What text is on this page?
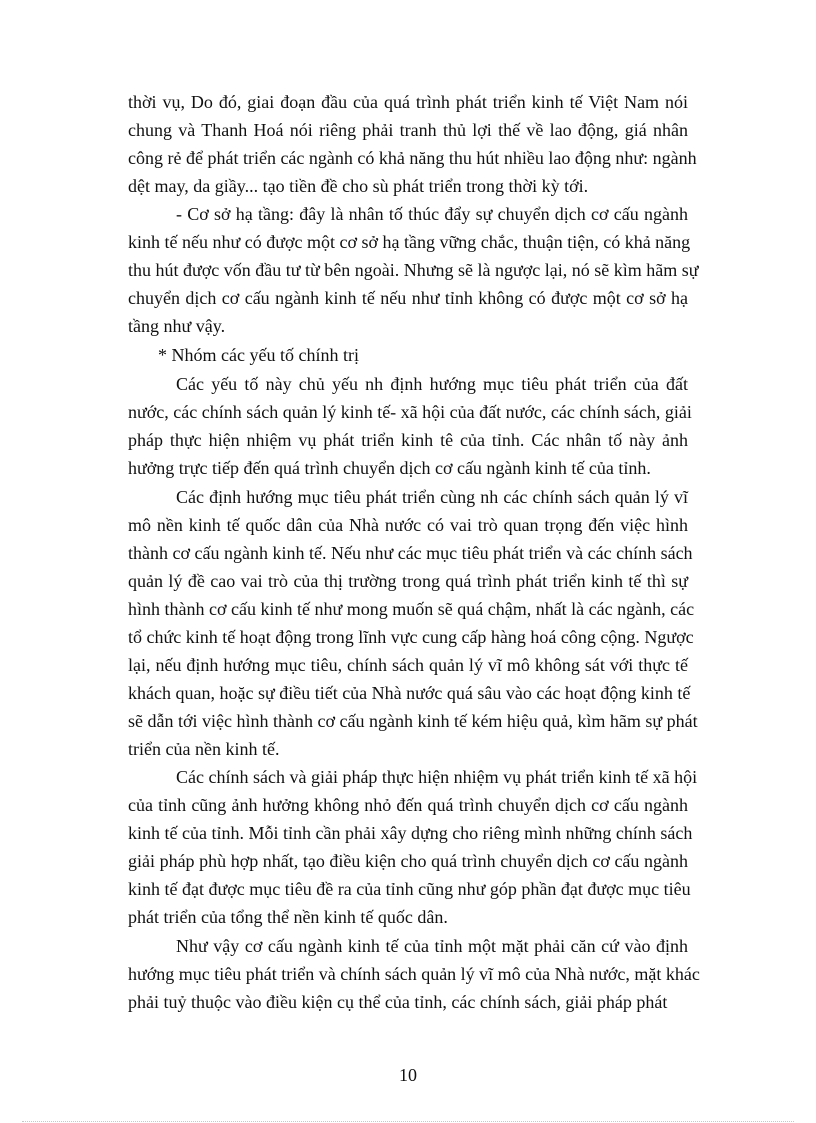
thời vụ, Do đó, giai đoạn đầu của quá trình phát triển kinh tế Việt Nam nói
chung và Thanh Hoá nói riêng phải tranh thủ lợi thế về lao động, giá nhân
công rẻ để phát triển các ngành có khả năng thu hút nhiều lao động như: ngành
dệt may, da giầy... tạo tiền đề cho sù phát triển trong thời kỳ tới.
- Cơ sở hạ tầng: đây là nhân tố thúc đẩy sự chuyển dịch cơ cấu ngành
kinh tế nếu như có được một cơ sở hạ tầng vững chắc, thuận tiện, có khả năng
thu hút được vốn đầu tư từ bên ngoài. Nhưng sẽ là ngược lại, nó sẽ kìm hãm sự
chuyển dịch cơ cấu ngành kinh tế nếu như tỉnh không có được một cơ sở hạ
tầng như vậy.
* Nhóm các yếu tố chính trị
Các yếu tố này chủ yếu nh định hướng mục tiêu phát triển của đất
nước, các chính sách quản lý kinh tế- xã hội của đất nước, các chính sách, giải
pháp thực hiện nhiệm vụ phát triển kinh tê của tỉnh. Các nhân tố này ảnh
hưởng trực tiếp đến quá trình chuyển dịch cơ cấu ngành kinh tế của tỉnh.
Các định hướng mục tiêu phát triển cùng nh các chính sách quản lý vĩ
mô nền kinh tế quốc dân của Nhà nước có vai trò quan trọng đến việc hình
thành cơ cấu ngành kinh tế. Nếu như các mục tiêu phát triển và các chính sách
quản lý đề cao vai trò của thị trường trong quá trình phát triển kinh tế thì sự
hình thành cơ cấu kinh tế như mong muốn sẽ quá chậm, nhất là các ngành, các
tổ chức kinh tế hoạt động trong lĩnh vực cung cấp hàng hoá công cộng. Ngược
lại, nếu định hướng mục tiêu, chính sách quản lý vĩ mô không sát với thực tế
khách quan, hoặc sự điều tiết của Nhà nước quá sâu vào các hoạt động kinh tế
sẽ dẫn tới việc hình thành cơ cấu ngành kinh tế kém hiệu quả, kìm hãm sự phát
triển của nền kinh tế.
Các chính sách và giải pháp thực hiện nhiệm vụ phát triển kinh tế xã hội
của tỉnh cũng ảnh hưởng không nhỏ đến quá trình chuyển dịch cơ cấu ngành
kinh tế của tỉnh. Mỗi tỉnh cần phải xây dựng cho riêng mình những chính sách
giải pháp phù hợp nhất, tạo điều kiện cho quá trình chuyển dịch cơ cấu ngành
kinh tế đạt được mục tiêu đề ra của tỉnh cũng như góp phần đạt được mục tiêu
phát triển của tổng thể nền kinh tế quốc dân.
Như vậy cơ cấu ngành kinh tế của tỉnh một mặt phải căn cứ vào định
hướng mục tiêu phát triển và chính sách quản lý vĩ mô của Nhà nước, mặt khác
phải tuỷ thuộc vào điều kiện cụ thể của tỉnh, các chính sách, giải pháp phát
10
